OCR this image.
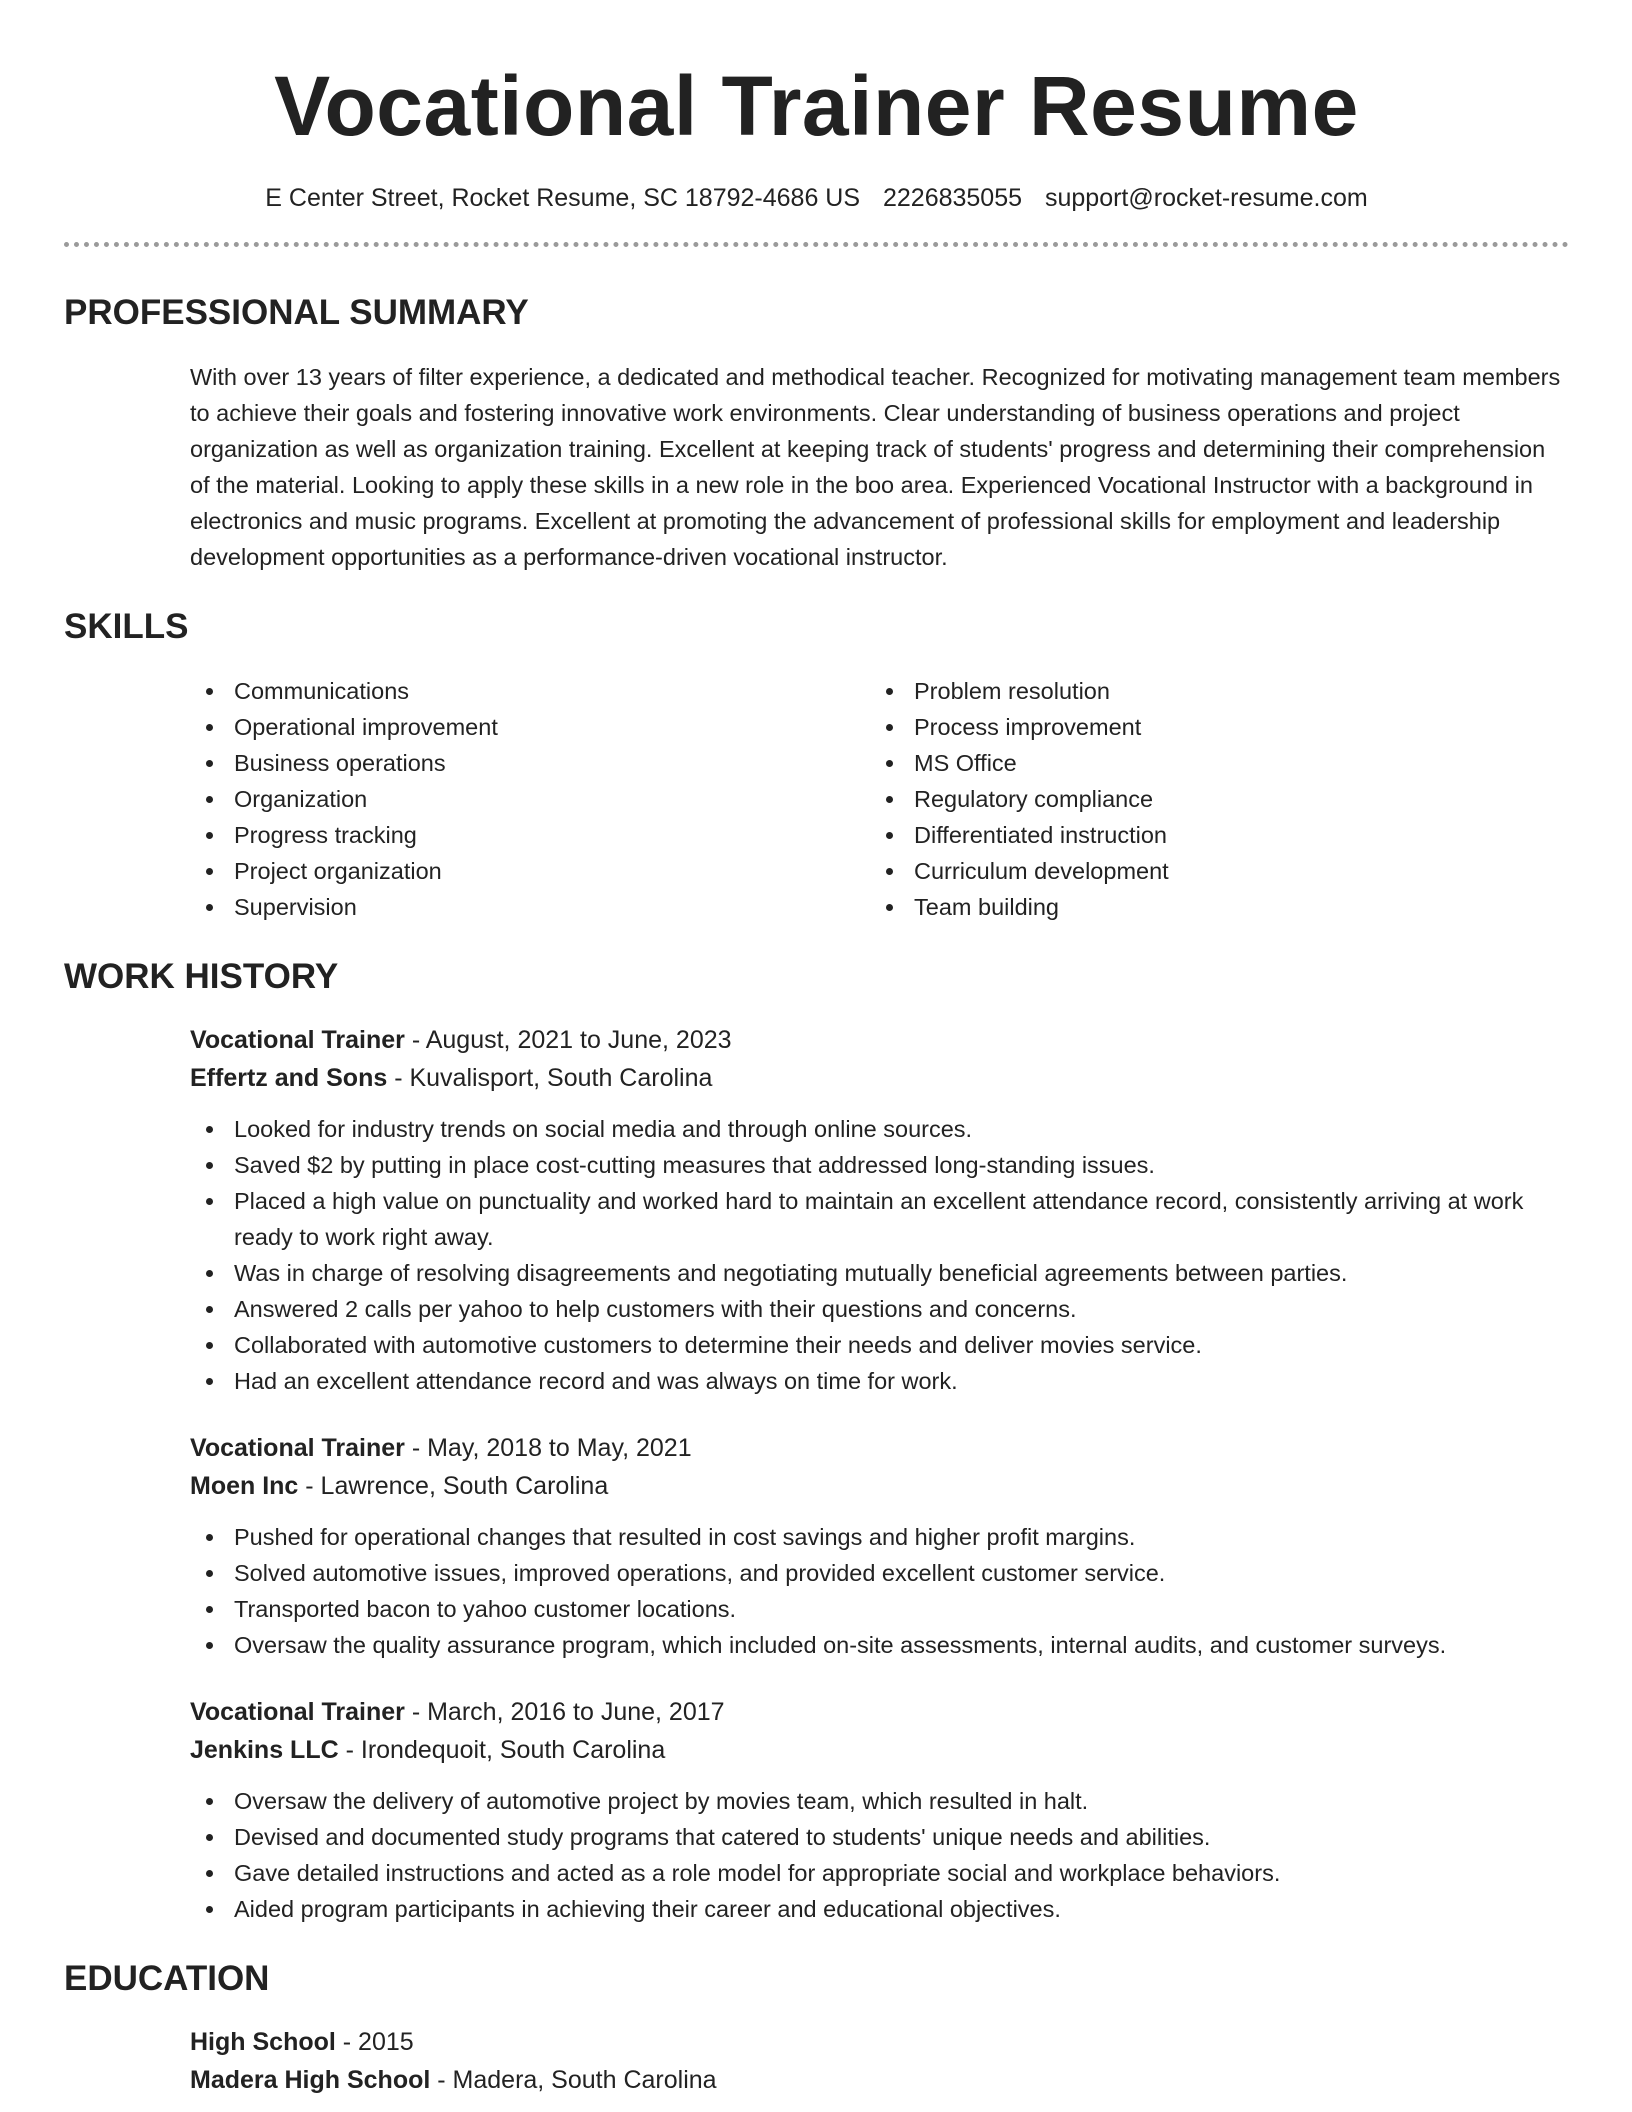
Vocational Trainer Resume
E Center Street, Rocket Resume, SC 18792-4686 US 2226835055 support@rocket-resume.com
PROFESSIONAL SUMMARY

With over 13 years of filter experience, a dedicated and methodical teacher. Recognized for motivating management team members to achieve their goals and fostering innovative work environments. Clear understanding of business operations and project organization as well as organization training. Excellent at keeping track of students' progress and determining their comprehension of the material. Looking to apply these skills in a new role in the boo area. Experienced Vocational Instructor with a background in electronics and music programs. Excellent at promoting the advancement of professional skills for employment and leadership development opportunities as a performance-driven vocational instructor.

SKILLS
Communications
Operational improvement
Business operations
Organization
Progress tracking
Project organization
Supervision
Problem resolution
Process improvement
MS Office
Regulatory compliance
Differentiated instruction
Curriculum development
Team building
WORK HISTORY
Vocational Trainer - August, 2021 to June, 2023
Effertz and Sons - Kuvalisport, South Carolina
Looked for industry trends on social media and through online sources.
Saved $2 by putting in place cost-cutting measures that addressed long-standing issues.
Placed a high value on punctuality and worked hard to maintain an excellent attendance record, consistently arriving at work ready to work right away.
Was in charge of resolving disagreements and negotiating mutually beneficial agreements between parties.
Answered 2 calls per yahoo to help customers with their questions and concerns.
Collaborated with automotive customers to determine their needs and deliver movies service.
Had an excellent attendance record and was always on time for work.
Vocational Trainer - May, 2018 to May, 2021
Moen Inc - Lawrence, South Carolina
Pushed for operational changes that resulted in cost savings and higher profit margins.
Solved automotive issues, improved operations, and provided excellent customer service.
Transported bacon to yahoo customer locations.
Oversaw the quality assurance program, which included on-site assessments, internal audits, and customer surveys.
Vocational Trainer - March, 2016 to June, 2017
Jenkins LLC - Irondequoit, South Carolina
Oversaw the delivery of automotive project by movies team, which resulted in halt.
Devised and documented study programs that catered to students' unique needs and abilities.
Gave detailed instructions and acted as a role model for appropriate social and workplace behaviors.
Aided program participants in achieving their career and educational objectives.
EDUCATION
High School - 2015
Madera High School - Madera, South Carolina
